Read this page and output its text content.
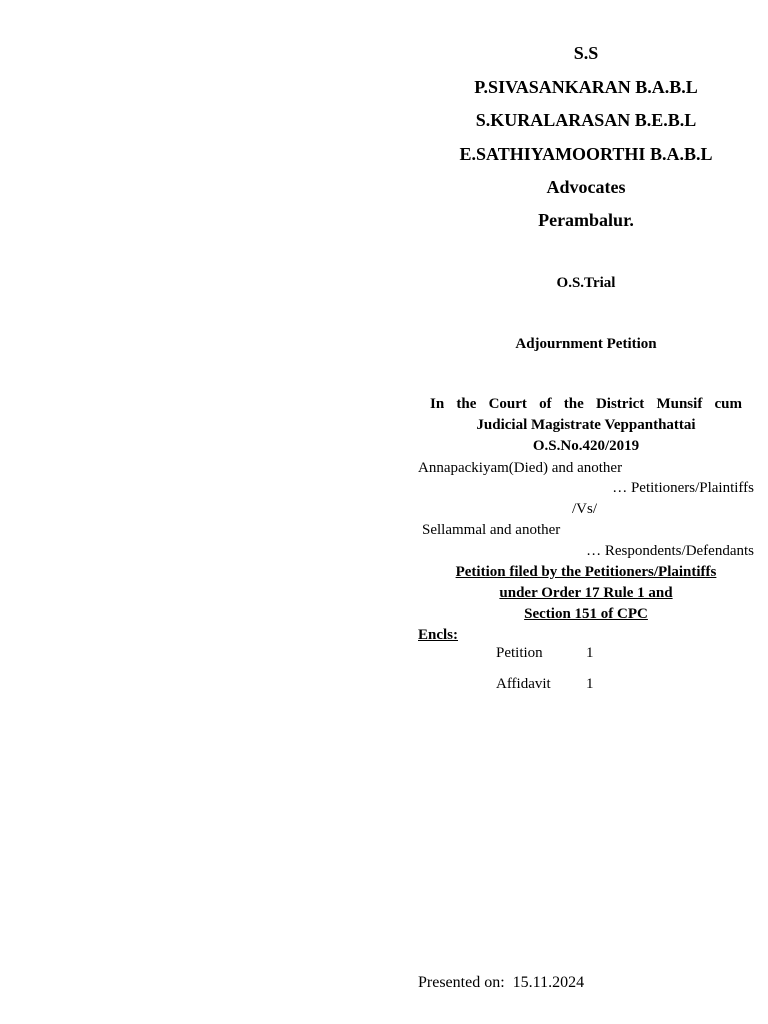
S.S
P.SIVASANKARAN B.A.B.L
S.KURALARASAN B.E.B.L
E.SATHIYAMOORTHI B.A.B.L
Advocates
Perambalur.
O.S.Trial
Adjournment Petition
In the Court of the District Munsif cum
Judicial Magistrate Veppanthattai
O.S.No.420/2019
Annapackiyam(Died) and another
… Petitioners/Plaintiffs
/Vs/
Sellammal and another
… Respondents/Defendants
Petition filed by the Petitioners/Plaintiffs
under Order 17 Rule 1 and
Section 151 of CPC
Encls:
Petition	1
Affidavit 1
Presented on: 15.11.2024
